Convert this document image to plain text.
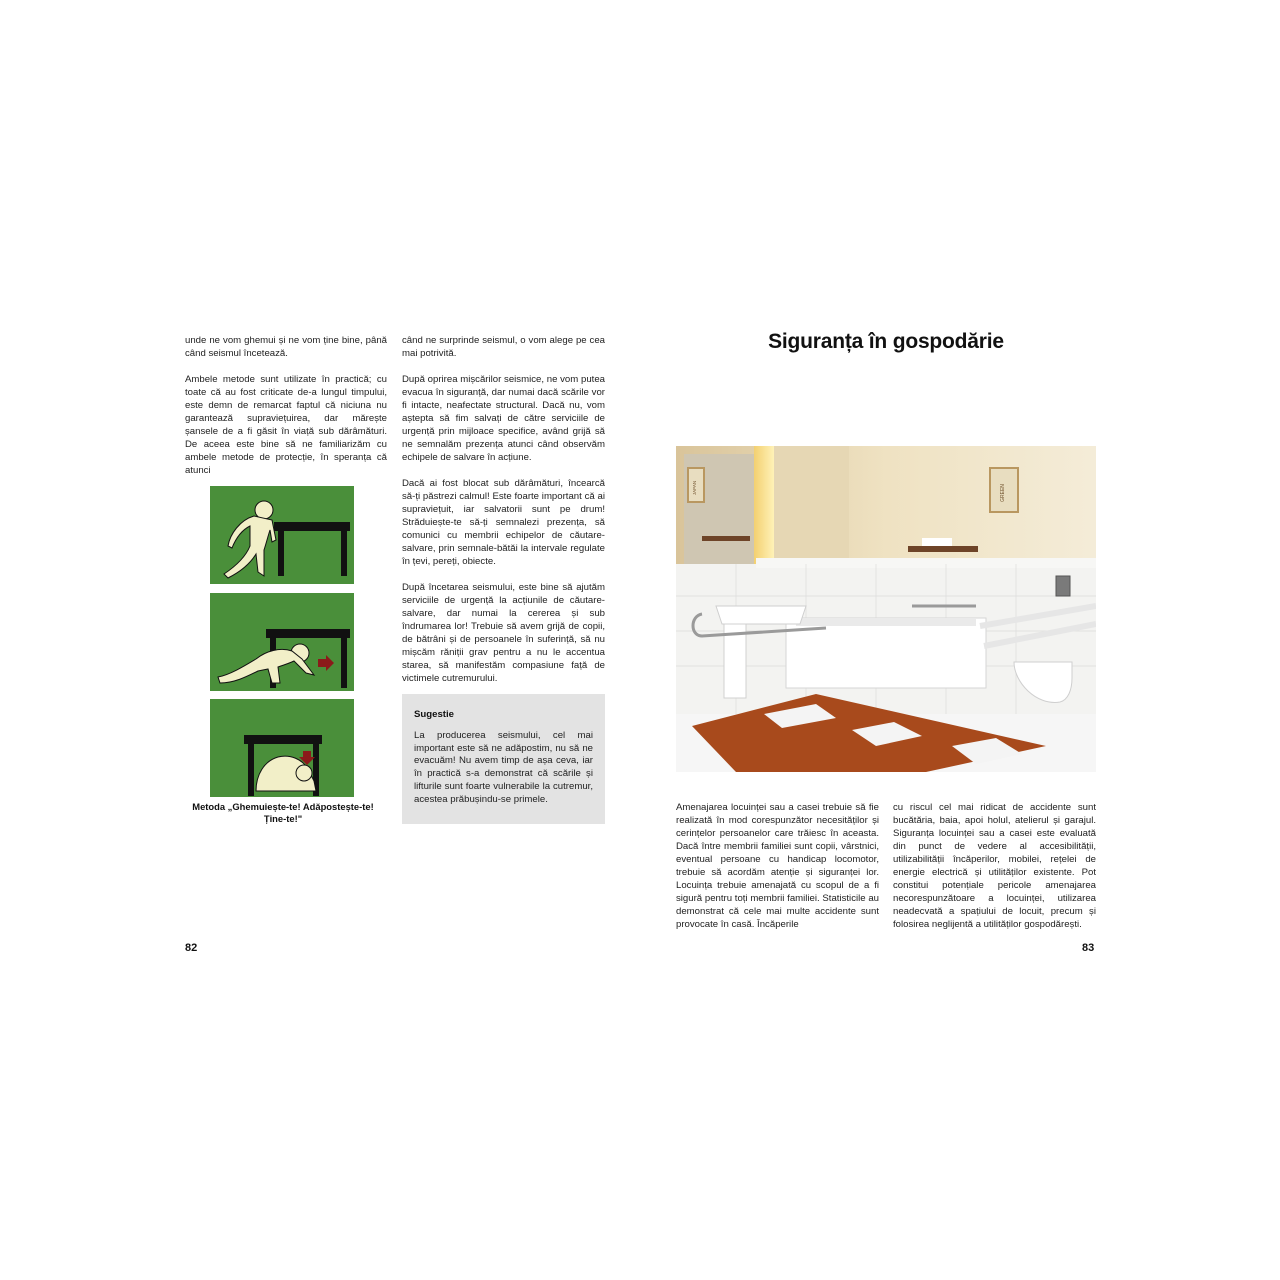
unde ne vom ghemui și ne vom ține bine, până când seismul încetează.

Ambele metode sunt utilizate în practică; cu toate că au fost criticate de-a lungul timpului, este demn de remarcat faptul că niciuna nu garantează supraviețuirea, dar mărește șansele de a fi găsit în viață sub dărâmături. De aceea este bine să ne familiarizăm cu ambele metode de protecție, în speranța că atunci

Metoda „Ghemuiește-te! Adăpostește-te! Ține-te!"

când ne surprinde seismul, o vom alege pe cea mai potrivită.

După oprirea mișcărilor seismice, ne vom putea evacua în siguranță, dar numai dacă scările vor fi intacte, neafectate structural. Dacă nu, vom aștepta să fim salvați de către serviciile de urgență prin mijloace specifice, având grijă să ne semnalăm prezența atunci când observăm echipele de salvare în acțiune.

Dacă ai fost blocat sub dărâmături, încearcă să-ți păstrezi calmul! Este foarte important că ai supraviețuit, iar salvatorii sunt pe drum! Străduiește-te să-ți semnalezi prezența, să comunici cu membrii echipelor de căutare-salvare, prin semnale-bătăi la intervale regulate în țevi, pereți, obiecte.

După încetarea seismului, este bine să ajutăm serviciile de urgență la acțiunile de căutare-salvare, dar numai la cererea și sub îndrumarea lor! Trebuie să avem grijă de copii, de bătrâni și de persoanele în suferință, să nu mișcăm răniții grav pentru a nu le accentua starea, să manifestăm compasiune față de victimele cutremurului.

Sugestie

La producerea seismului, cel mai important este să ne adăpostim, nu să ne evacuăm! Nu avem timp de așa ceva, iar în practică s-a demonstrat că scările și lifturile sunt foarte vulnerabile la cutremur, acestea prăbușindu-se primele.

82
Siguranța în gospodărie
JAPAN	GREEN

Amenajarea locuinței sau a casei trebuie să fie realizată în mod corespunzător necesităților și cerințelor persoanelor care trăiesc în aceasta. Dacă între membrii familiei sunt copii, vârstnici, eventual persoane cu handicap locomotor, trebuie să acordăm atenție și siguranței lor. Locuința trebuie amenajată cu scopul de a fi sigură pentru toți membrii familiei. Statisticile au demonstrat că cele mai multe accidente sunt provocate în casă. Încăperile

cu riscul cel mai ridicat de accidente sunt bucătăria, baia, apoi holul, atelierul și garajul. Siguranța locuinței sau a casei este evaluată din punct de vedere al accesibilității, utilizabilității încăperilor, mobilei, rețelei de energie electrică și utilităților existente. Pot constitui potențiale pericole amenajarea necorespunzătoare a locuinței, utilizarea neadecvată a spațiului de locuit, precum și folosirea neglijentă a utilităților gospodărești.

83
